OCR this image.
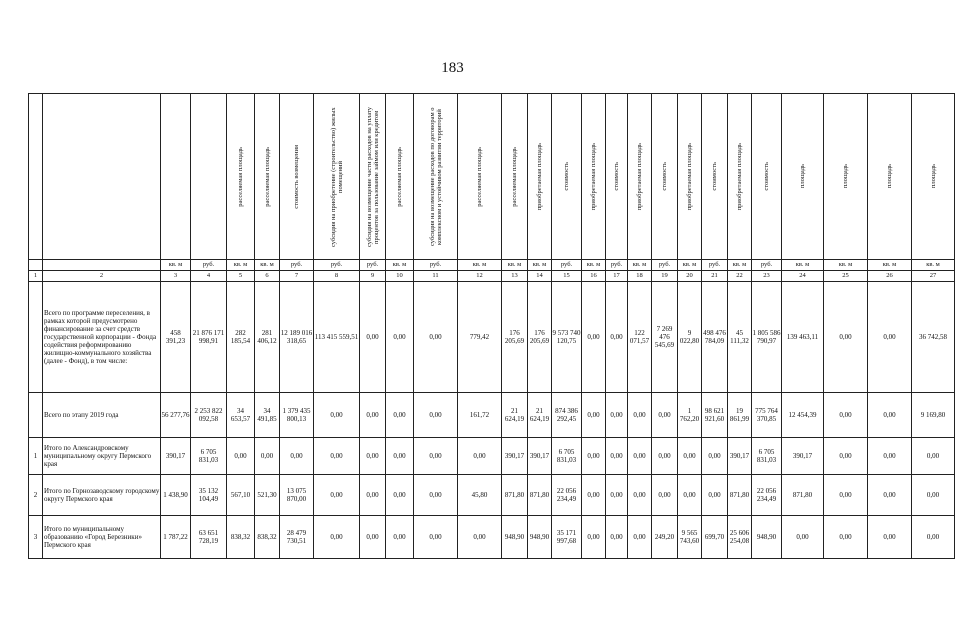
183

				расселяемая площадь	расселяемая площадь	стоимость возмещения	субсидия на приобретение (строительство) жилых помещений	субсидия на возмещение части расходов на уплату процентов за пользование займом или кредитом	расселяемая площадь	субсидия на возмещение расходов по договорам о комплексном и устойчивом развитии территорий	расселяемая площадь	расселяемая площадь	приобретаемая площадь	стоимость	приобретаемая площадь	стоимость	приобретаемая площадь	стоимость	приобретаемая площадь	стоимость	приобретаемая площадь	стоимость	площадь	площадь	площадь	площадь

		кв. м	руб.	кв. м	кв. м	руб.	руб.	руб.	кв. м	руб.	кв. м	кв. м	кв. м	руб.	кв. м	руб.	кв. м	руб.	кв. м	руб.	кв. м	руб.	кв. м	кв. м	кв. м	кв. м
1	2	3	4	5	6	7	8	9	10	11	12	13	14	15	16	17	18	19	20	21	22	23	24	25	26	27
	Всего по программе переселения, в рамках которой предусмотрено финансирование за счет средств государственной корпорации - Фонда содействия реформированию жилищно-коммунального хозяйства (далее - Фонд), в том числе:	458 391,23	21 876 171 998,91	282 185,54	281 406,12	12 189 016 318,65	113 415 559,51	0,00	0,00	0,00	779,42	176 205,69	176 205,69	9 573 740 120,75	0,00	0,00	122 071,57	7 269 476 545,69	9 022,80	498 476 784,09	45 111,32	1 805 586 790,97	139 463,11	0,00	0,00	36 742,58
	Всего по этапу 2019 года	56 277,76	2 253 822 092,58	34 653,57	34 491,85	1 379 435 800,13	0,00	0,00	0,00	0,00	161,72	21 624,19	21 624,19	874 386 292,45	0,00	0,00	0,00	0,00	1 762,20	98 621 921,60	19 861,99	775 764 370,85	12 454,39	0,00	0,00	9 169,80
1	Итого по Александровскому муниципальному округу Пермского края	390,17	6 705 831,03	0,00	0,00	0,00	0,00	0,00	0,00	0,00	0,00	390,17	390,17	6 705 831,03	0,00	0,00	0,00	0,00	0,00	0,00	390,17	6 705 831,03	390,17	0,00	0,00	0,00
2	Итого по Горнозаводскому городскому округу Пермского края	1 438,90	35 132 104,49	567,10	521,30	13 075 870,00	0,00	0,00	0,00	0,00	45,80	871,80	871,80	22 056 234,49	0,00	0,00	0,00	0,00	0,00	0,00	871,80	22 056 234,49	871,80	0,00	0,00	0,00
3	Итого по муниципальному образованию «Город Березники» Пермского края	1 787,22	63 651 728,19	838,32	838,32	28 479 730,51	0,00	0,00	0,00	0,00	0,00	948,90	948,90	35 171 997,68	0,00	0,00	0,00	249,20	9 565 743,60	699,70	25 606 254,08	948,90	0,00	0,00	0,00	0,00
